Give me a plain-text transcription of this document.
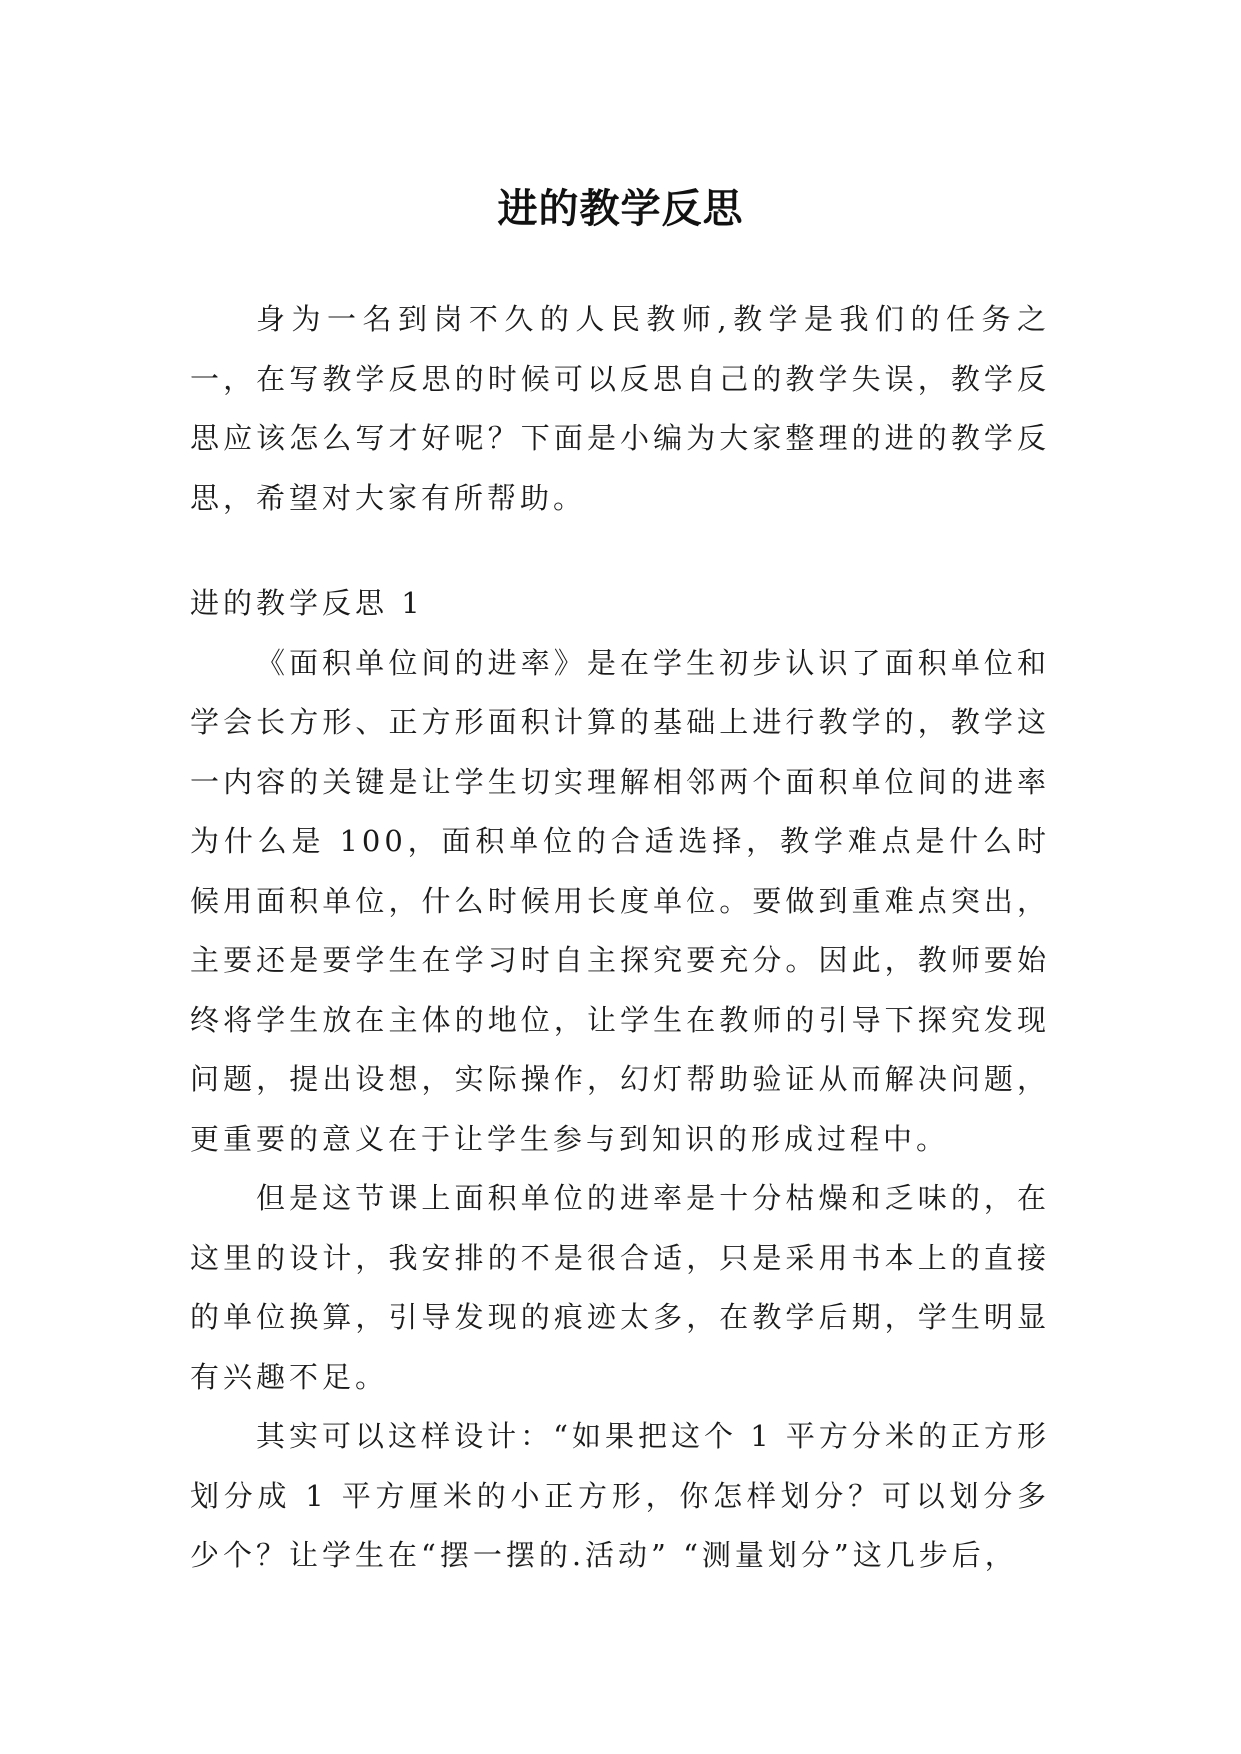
进的教学反思

身为一名到岗不久的人民教师,教学是我们的任务之一，在写教学反思的时候可以反思自己的教学失误，教学反思应该怎么写才好呢？下面是小编为大家整理的进的教学反思，希望对大家有所帮助。

进的教学反思 1

《面积单位间的进率》是在学生初步认识了面积单位和学会长方形、正方形面积计算的基础上进行教学的，教学这一内容的关键是让学生切实理解相邻两个面积单位间的进率为什么是 100，面积单位的合适选择，教学难点是什么时候用面积单位，什么时候用长度单位。要做到重难点突出，主要还是要学生在学习时自主探究要充分。因此，教师要始终将学生放在主体的地位，让学生在教师的引导下探究发现问题，提出设想，实际操作，幻灯帮助验证从而解决问题，更重要的意义在于让学生参与到知识的形成过程中。

但是这节课上面积单位的进率是十分枯燥和乏味的，在这里的设计，我安排的不是很合适，只是采用书本上的直接的单位换算，引导发现的痕迹太多，在教学后期，学生明显有兴趣不足。

其实可以这样设计：“如果把这个 1 平方分米的正方形划分成 1 平方厘米的小正方形，你怎样划分？可以划分多少个？让学生在“摆一摆的.活动” “测量划分”这几步后，
